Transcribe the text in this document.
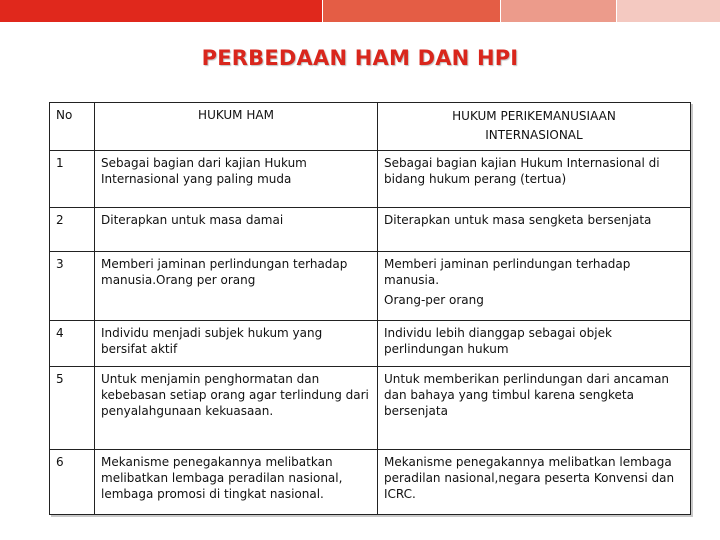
PERBEDAAN HAM DAN HPI
No	HUKUM HAM	HUKUM PERIKEMANUSIAAN
INTERNASIONAL
1	Sebagai bagian dari kajian Hukum Internasional yang paling muda	Sebagai bagian kajian Hukum Internasional di bidang hukum perang (tertua)
2	Diterapkan untuk masa damai	Diterapkan untuk masa sengketa bersenjata
3	Memberi jaminan perlindungan terhadap manusia.Orang per orang	Memberi jaminan perlindungan terhadap manusia.
Orang-per orang

4	Individu menjadi subjek hukum yang bersifat aktif	Individu lebih dianggap sebagai objek perlindungan hukum
5	Untuk menjamin penghormatan dan kebebasan setiap orang agar terlindung dari penyalahgunaan kekuasaan.	Untuk memberikan perlindungan dari ancaman dan bahaya yang timbul karena sengketa bersenjata
6	Mekanisme penegakannya melibatkan melibatkan lembaga peradilan nasional, lembaga promosi di tingkat nasional.	Mekanisme penegakannya melibatkan lembaga peradilan nasional,negara peserta Konvensi dan ICRC.
